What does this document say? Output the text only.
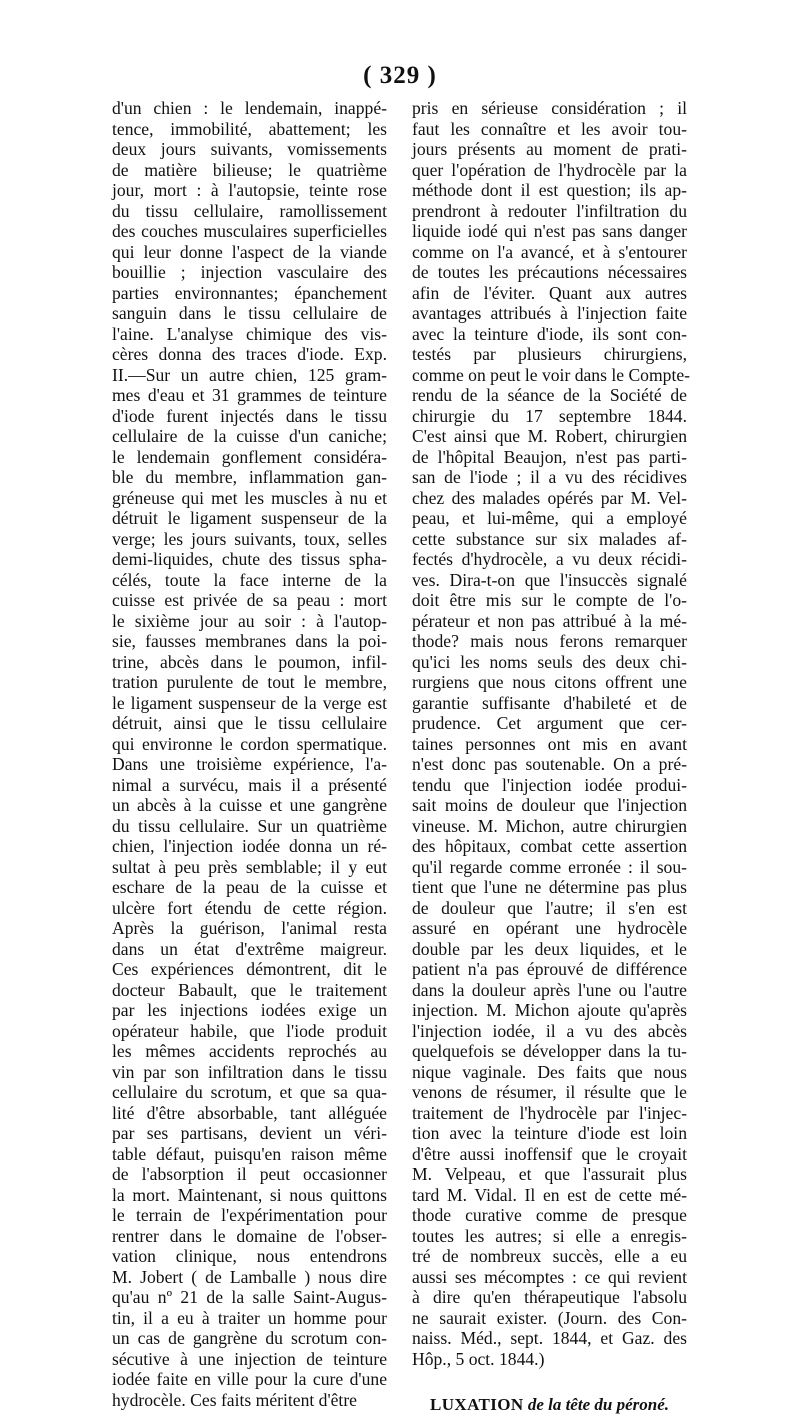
( 329 )
d'un chien : le lendemain, inappé-
tence, immobilité, abattement; les
deux jours suivants, vomissements
de matière bilieuse; le quatrième
jour, mort : à l'autopsie, teinte rose
du tissu cellulaire, ramollissement
des couches musculaires superficielles
qui leur donne l'aspect de la viande
bouillie ; injection vasculaire des
parties environnantes; épanchement
sanguin dans le tissu cellulaire de
l'aine. L'analyse chimique des vis-
cères donna des traces d'iode. Exp.
II.—Sur un autre chien, 125 gram-
mes d'eau et 31 grammes de teinture
d'iode furent injectés dans le tissu
cellulaire de la cuisse d'un caniche;
le lendemain gonflement considéra-
ble du membre, inflammation gan-
gréneuse qui met les muscles à nu et
détruit le ligament suspenseur de la
verge; les jours suivants, toux, selles
demi-liquides, chute des tissus spha-
célés, toute la face interne de la
cuisse est privée de sa peau : mort
le sixième jour au soir : à l'autop-
sie, fausses membranes dans la poi-
trine, abcès dans le poumon, infil-
tration purulente de tout le membre,
le ligament suspenseur de la verge est
détruit, ainsi que le tissu cellulaire
qui environne le cordon spermatique.
Dans une troisième expérience, l'a-
nimal a survécu, mais il a présenté
un abcès à la cuisse et une gangrène
du tissu cellulaire. Sur un quatrième
chien, l'injection iodée donna un ré-
sultat à peu près semblable; il y eut
eschare de la peau de la cuisse et
ulcère fort étendu de cette région.
Après la guérison, l'animal resta
dans un état d'extrême maigreur.
Ces expériences démontrent, dit le
docteur Babault, que le traitement
par les injections iodées exige un
opérateur habile, que l'iode produit
les mêmes accidents reprochés au
vin par son infiltration dans le tissu
cellulaire du scrotum, et que sa qua-
lité d'être absorbable, tant alléguée
par ses partisans, devient un véri-
table défaut, puisqu'en raison même
de l'absorption il peut occasionner
la mort. Maintenant, si nous quittons
le terrain de l'expérimentation pour
rentrer dans le domaine de l'obser-
vation clinique, nous entendrons
M. Jobert ( de Lamballe ) nous dire
qu'au nº 21 de la salle Saint-Augus-
tin, il a eu à traiter un homme pour
un cas de gangrène du scrotum con-
sécutive à une injection de teinture
iodée faite en ville pour la cure d'une
hydrocèle. Ces faits méritent d'être
pris en sérieuse considération ; il
faut les connaître et les avoir tou-
jours présents au moment de prati-
quer l'opération de l'hydrocèle par la
méthode dont il est question; ils ap-
prendront à redouter l'infiltration du
liquide iodé qui n'est pas sans danger
comme on l'a avancé, et à s'entourer
de toutes les précautions nécessaires
afin de l'éviter. Quant aux autres
avantages attribués à l'injection faite
avec la teinture d'iode, ils sont con-
testés par plusieurs chirurgiens,
comme on peut le voir dans le Compte-
rendu de la séance de la Société de
chirurgie du 17 septembre 1844.
C'est ainsi que M. Robert, chirurgien
de l'hôpital Beaujon, n'est pas parti-
san de l'iode ; il a vu des récidives
chez des malades opérés par M. Vel-
peau, et lui-même, qui a employé
cette substance sur six malades af-
fectés d'hydrocèle, a vu deux récidi-
ves. Dira-t-on que l'insuccès signalé
doit être mis sur le compte de l'o-
pérateur et non pas attribué à la mé-
thode? mais nous ferons remarquer
qu'ici les noms seuls des deux chi-
rurgiens que nous citons offrent une
garantie suffisante d'habileté et de
prudence. Cet argument que cer-
taines personnes ont mis en avant
n'est donc pas soutenable. On a pré-
tendu que l'injection iodée produi-
sait moins de douleur que l'injection
vineuse. M. Michon, autre chirurgien
des hôpitaux, combat cette assertion
qu'il regarde comme erronée : il sou-
tient que l'une ne détermine pas plus
de douleur que l'autre; il s'en est
assuré en opérant une hydrocèle
double par les deux liquides, et le
patient n'a pas éprouvé de différence
dans la douleur après l'une ou l'autre
injection. M. Michon ajoute qu'après
l'injection iodée, il a vu des abcès
quelquefois se développer dans la tu-
nique vaginale. Des faits que nous
venons de résumer, il résulte que le
traitement de l'hydrocèle par l'injec-
tion avec la teinture d'iode est loin
d'être aussi inoffensif que le croyait
M. Velpeau, et que l'assurait plus
tard M. Vidal. Il en est de cette mé-
thode curative comme de presque
toutes les autres; si elle a enregis-
tré de nombreux succès, elle a eu
aussi ses mécomptes : ce qui revient
à dire qu'en thérapeutique l'absolu
ne saurait exister. (Journ. des Con-
naiss. Méd., sept. 1844, et Gaz. des
Hôp., 5 oct. 1844.)
LUXATION de la tête du péroné.
